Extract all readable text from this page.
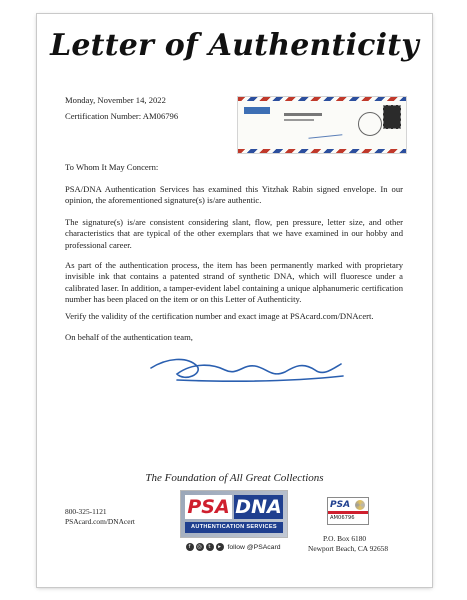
Letter of Authenticity
Monday, November 14, 2022
Certification Number: AM06796
To Whom It May Concern:
PSA/DNA Authentication Services has examined this Yitzhak Rabin signed envelope. In our opinion, the aforementioned signature(s) is/are authentic.
The signature(s) is/are consistent considering slant, flow, pen pressure, letter size, and other characteristics that are typical of the other exemplars that we have examined in our hobby and professional career.
As part of the authentication process, the item has been permanently marked with proprietary invisible ink that contains a patented strand of synthetic DNA, which will fluoresce under a calibrated laser. In addition, a tamper-evident label containing a unique alphanumeric certification number has been placed on the item or on this Letter of Authenticity.
Verify the validity of the certification number and exact image at PSAcard.com/DNAcert.
On behalf of the authentication team,
The Foundation of All Great Collections
800-325-1121
PSAcard.com/DNAcert
PSA DNA
AUTHENTICATION SERVICES
f	◎	t	▸ follow @PSAcard
PSA
AM06796
P.O. Box 6180
Newport Beach, CA 92658
